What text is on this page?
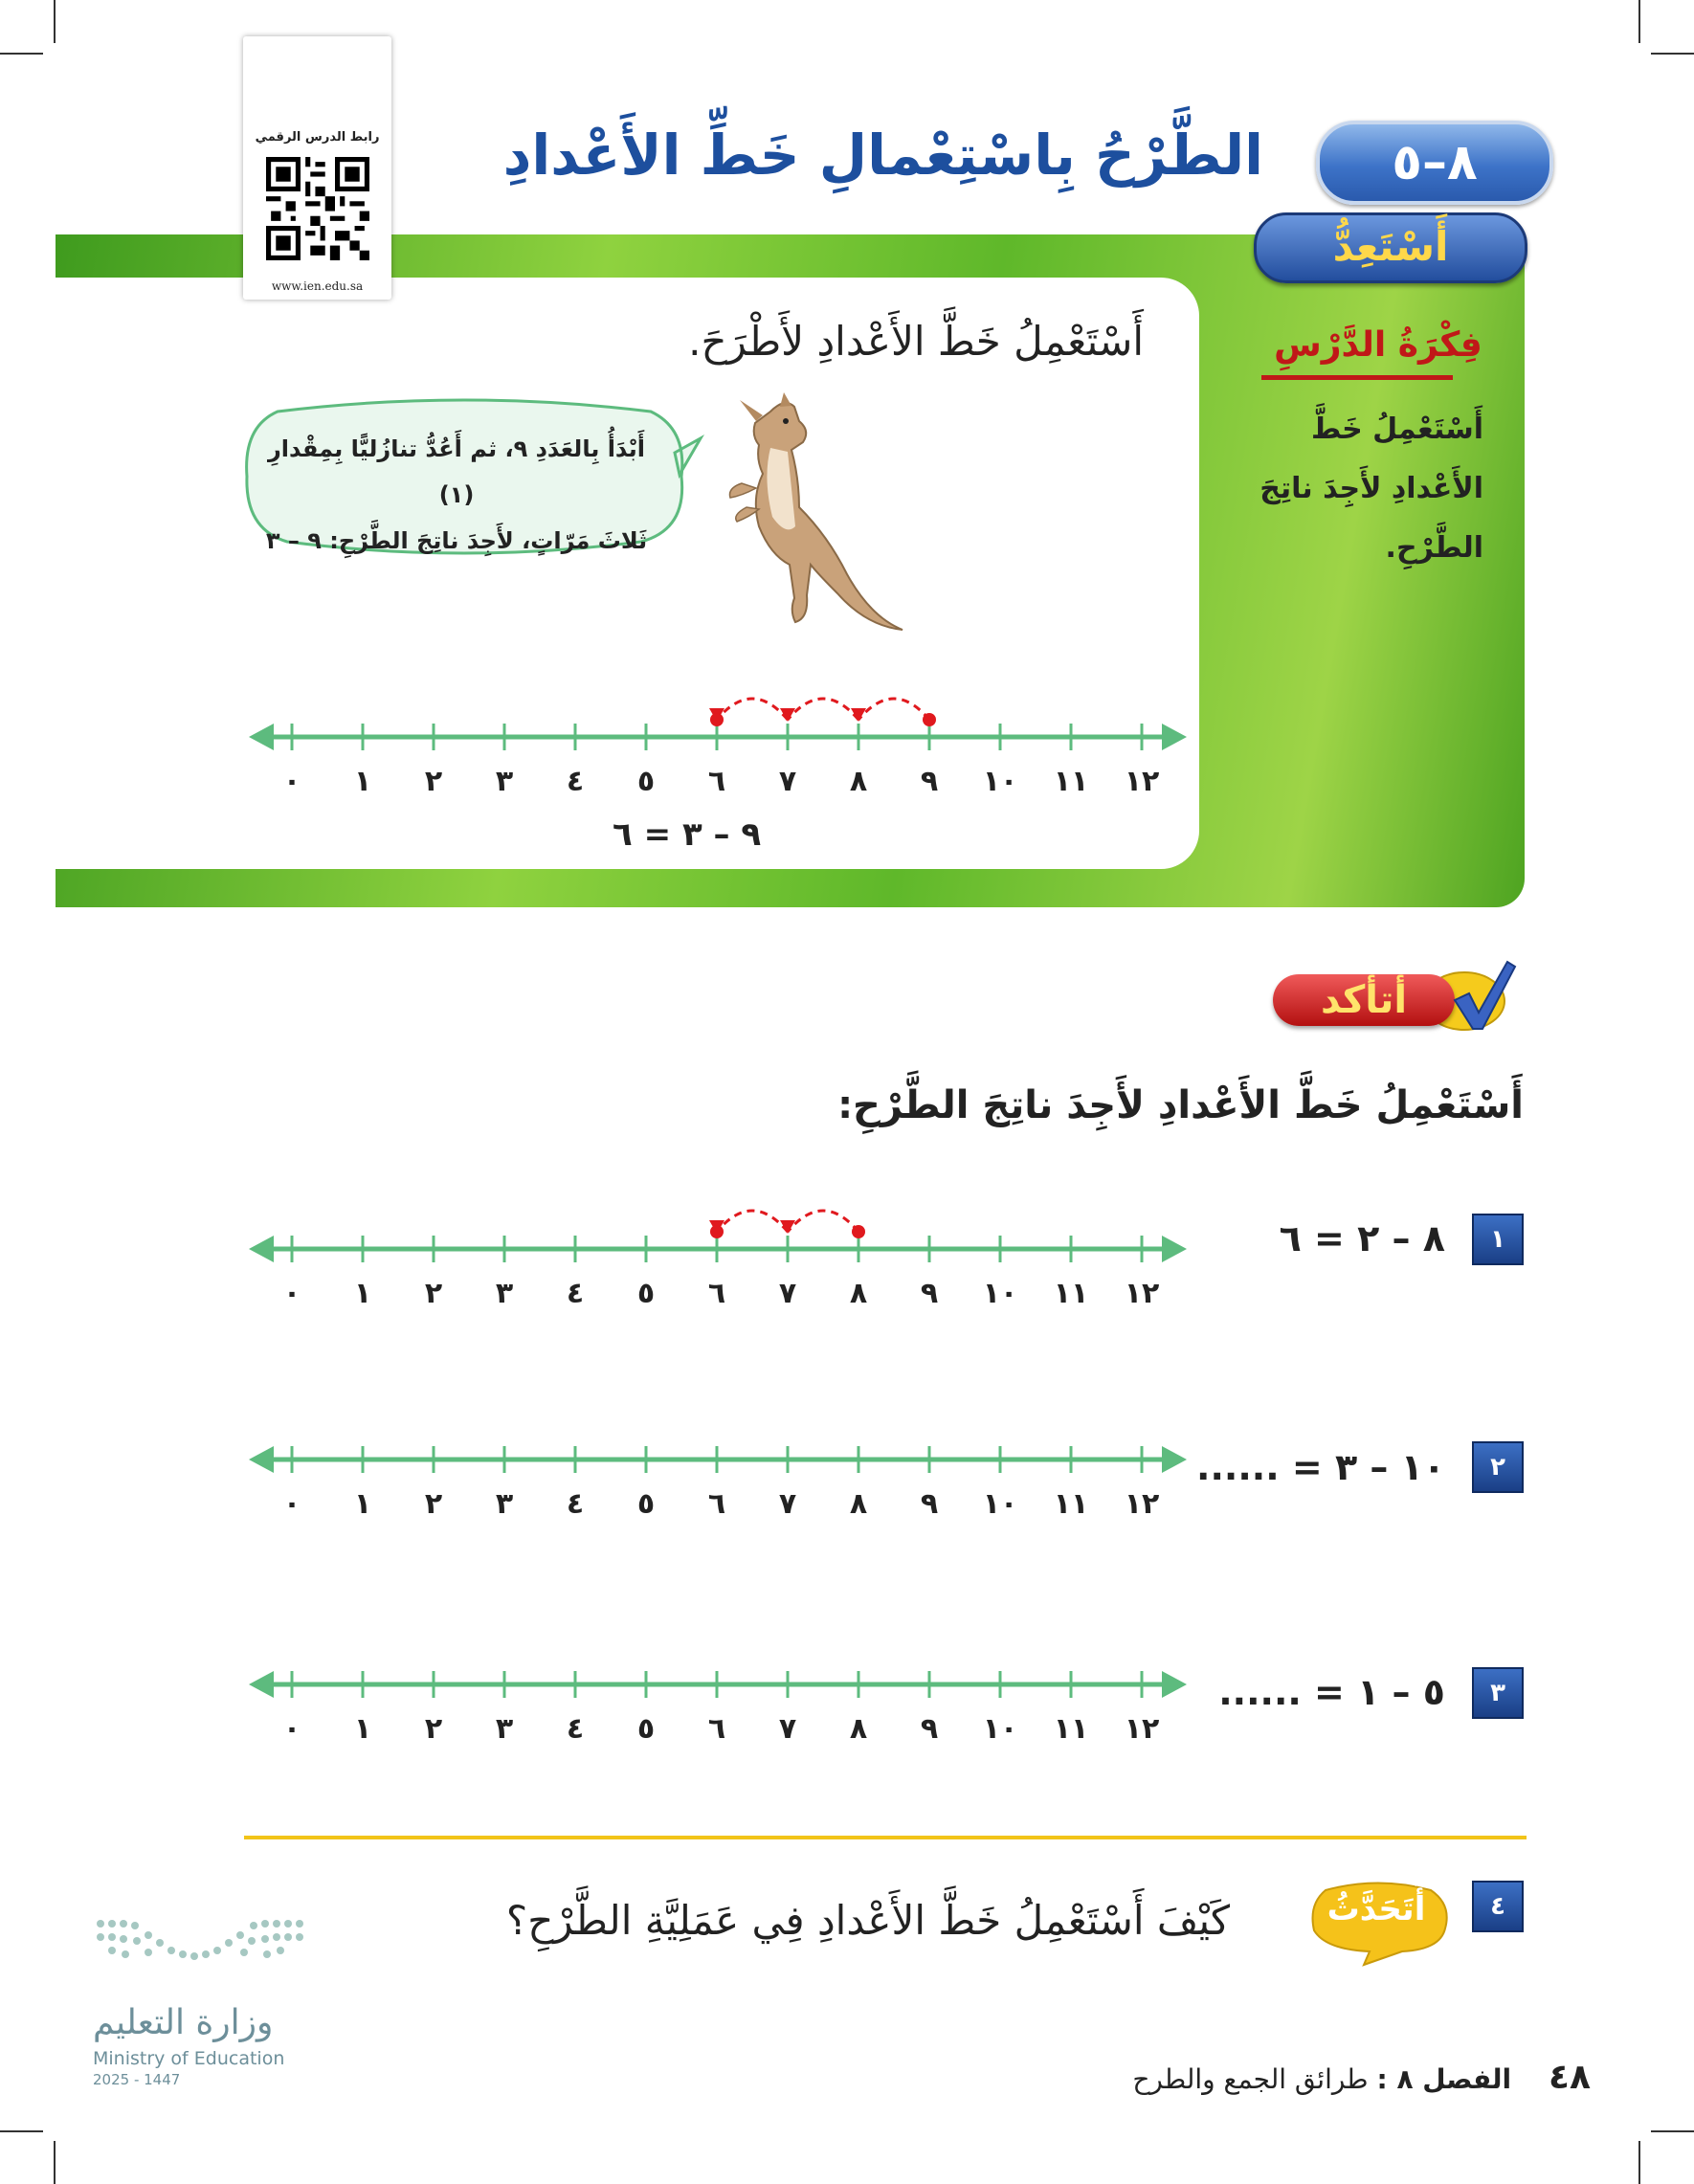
رابط الدرس الرقمي
www.ien.edu.sa
٨–٥
الطَّرْحُ بِاسْتِعْمالِ خَطِّ الأَعْدادِ
أَسْتَعِدُّ
فِكْرَةُ الدَّرْسِ
أَسْتَعْمِلُ خَطَّ
الأَعْدادِ لأَجِدَ ناتِجَ
الطَّرْحِ.
أَسْتَعْمِلُ خَطَّ الأَعْدادِ لأَطْرَحَ.
أَبْدَأُ بِالعَدَدِ ٩، ثم أَعُدُّ تنازُليًّا بِمِقْدارِ (١)
ثَلاثَ مَرّاتٍ، لأَجِدَ ناتِجَ الطَّرْحِ: ٩ – ٣
٠ ١ ٢ ٣ ٤ ٥ ٦ ٧ ٨ ٩ ١٠ ١١ ١٢
٩ – ٣ = ٦
أتأكد
أَسْتَعْمِلُ خَطَّ الأَعْدادِ لأَجِدَ ناتِجَ الطَّرْحِ:
١
٨ – ٢ = ٦
٠ ١ ٢ ٣ ٤ ٥ ٦ ٧ ٨ ٩ ١٠ ١١ ١٢
٢
١٠ – ٣ = ......
٠ ١ ٢ ٣ ٤ ٥ ٦ ٧ ٨ ٩ ١٠ ١١ ١٢
٣
٥ – ١ = ......
٠ ١ ٢ ٣ ٤ ٥ ٦ ٧ ٨ ٩ ١٠ ١١ ١٢
٤
أَتَحَدَّثُ
كَيْفَ أَسْتَعْمِلُ خَطَّ الأَعْدادِ فِي عَمَلِيَّةِ الطَّرْحِ؟
وزارة التعليم
Ministry of Education
2025 - 1447	٤٨ الفصل ٨ : طرائق الجمع والطرح
